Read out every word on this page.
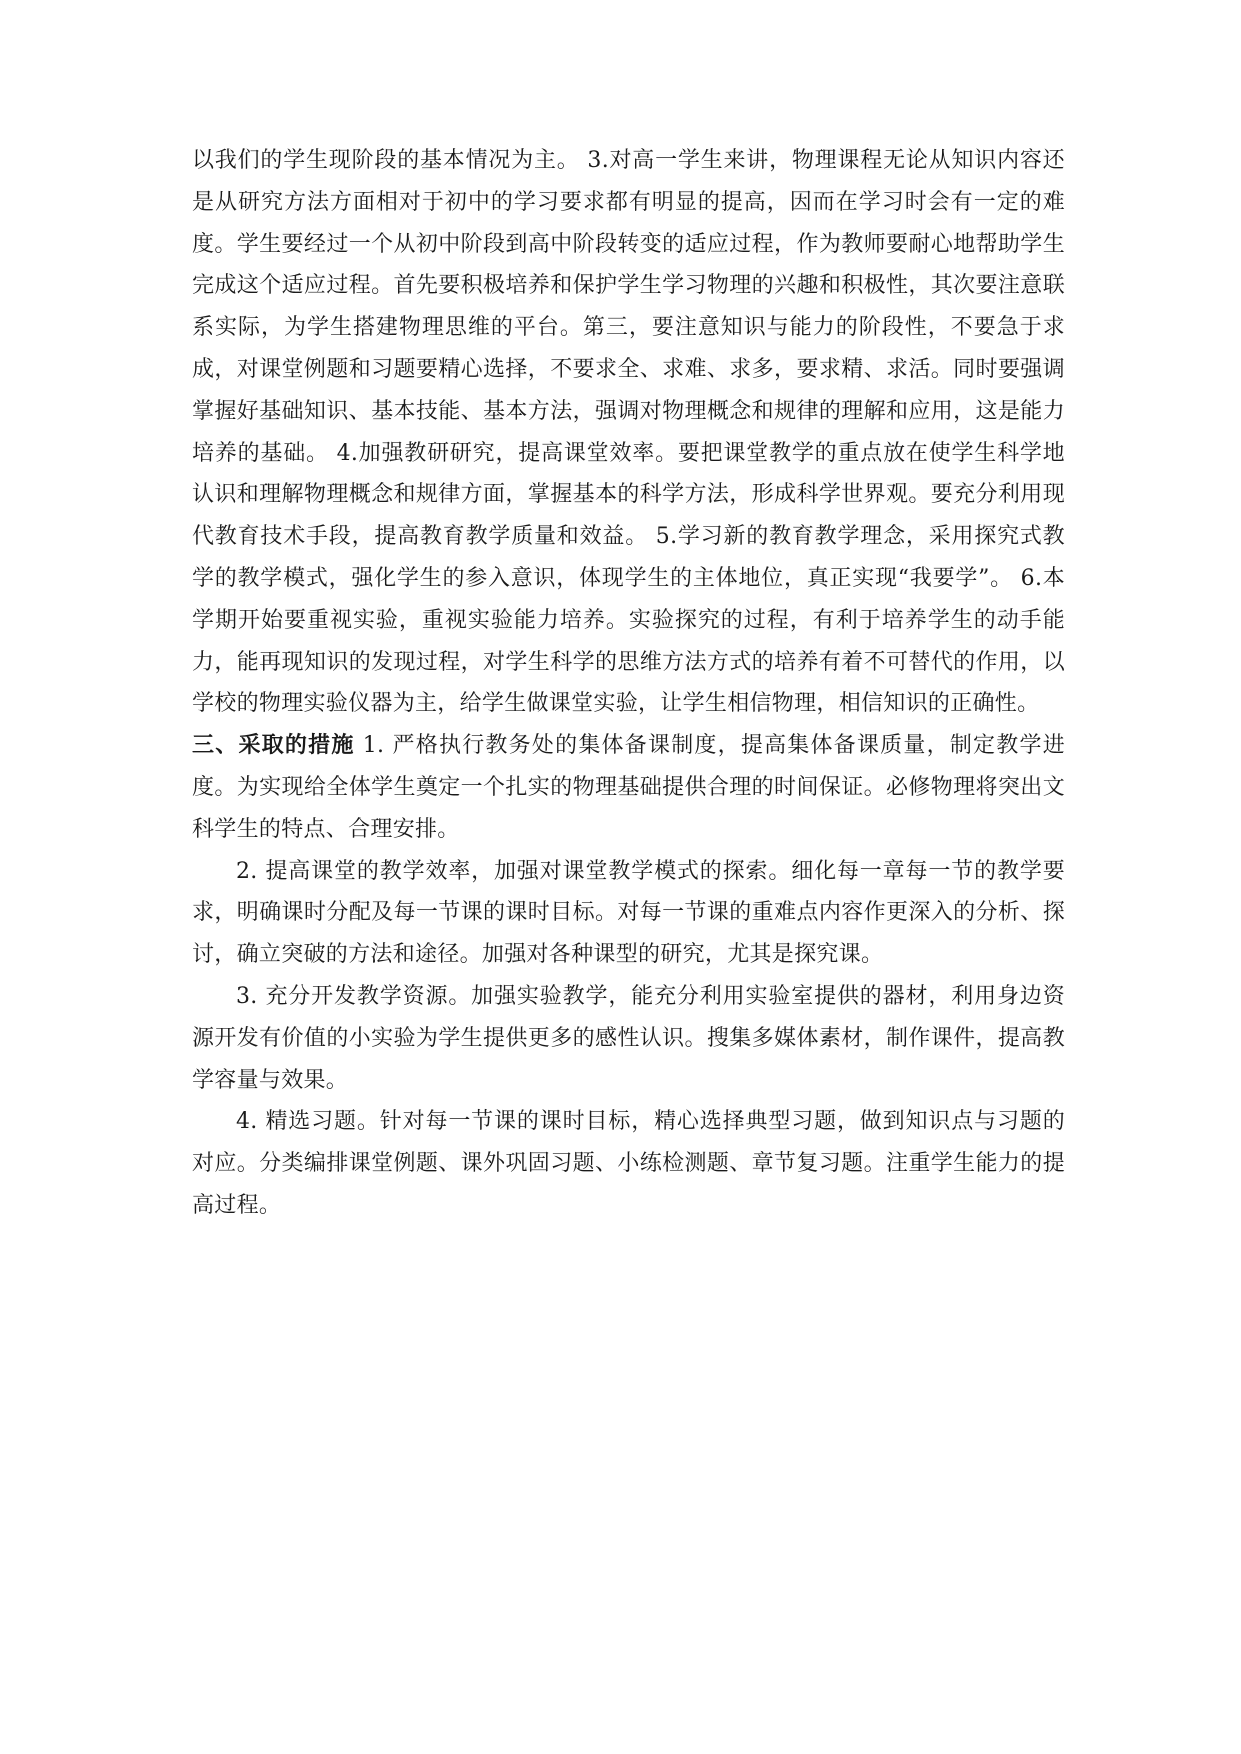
以我们的学生现阶段的基本情况为主。 3.对高一学生来讲，物理课程无论从知识内容还是从研究方法方面相对于初中的学习要求都有明显的提高，因而在学习时会有一定的难度。学生要经过一个从初中阶段到高中阶段转变的适应过程，作为教师要耐心地帮助学生完成这个适应过程。首先要积极培养和保护学生学习物理的兴趣和积极性，其次要注意联系实际，为学生搭建物理思维的平台。第三，要注意知识与能力的阶段性，不要急于求成，对课堂例题和习题要精心选择，不要求全、求难、求多，要求精、求活。同时要强调掌握好基础知识、基本技能、基本方法，强调对物理概念和规律的理解和应用，这是能力培养的基础。 4.加强教研研究，提高课堂效率。要把课堂教学的重点放在使学生科学地认识和理解物理概念和规律方面，掌握基本的科学方法，形成科学世界观。要充分利用现代教育技术手段，提高教育教学质量和效益。 5.学习新的教育教学理念，采用探究式教学的教学模式，强化学生的参入意识，体现学生的主体地位，真正实现“我要学”。 6.本学期开始要重视实验，重视实验能力培养。实验探究的过程，有利于培养学生的动手能力，能再现知识的发现过程，对学生科学的思维方法方式的培养有着不可替代的作用，以学校的物理实验仪器为主，给学生做课堂实验，让学生相信物理，相信知识的正确性。

三、采取的措施 1. 严格执行教务处的集体备课制度，提高集体备课质量，制定教学进度。为实现给全体学生奠定一个扎实的物理基础提供合理的时间保证。必修物理将突出文科学生的特点、合理安排。

2. 提高课堂的教学效率，加强对课堂教学模式的探索。细化每一章每一节的教学要求，明确课时分配及每一节课的课时目标。对每一节课的重难点内容作更深入的分析、探讨，确立突破的方法和途径。加强对各种课型的研究，尤其是探究课。

3. 充分开发教学资源。加强实验教学，能充分利用实验室提供的器材，利用身边资源开发有价值的小实验为学生提供更多的感性认识。搜集多媒体素材，制作课件，提高教学容量与效果。

4. 精选习题。针对每一节课的课时目标，精心选择典型习题，做到知识点与习题的对应。分类编排课堂例题、课外巩固习题、小练检测题、章节复习题。注重学生能力的提高过程。
